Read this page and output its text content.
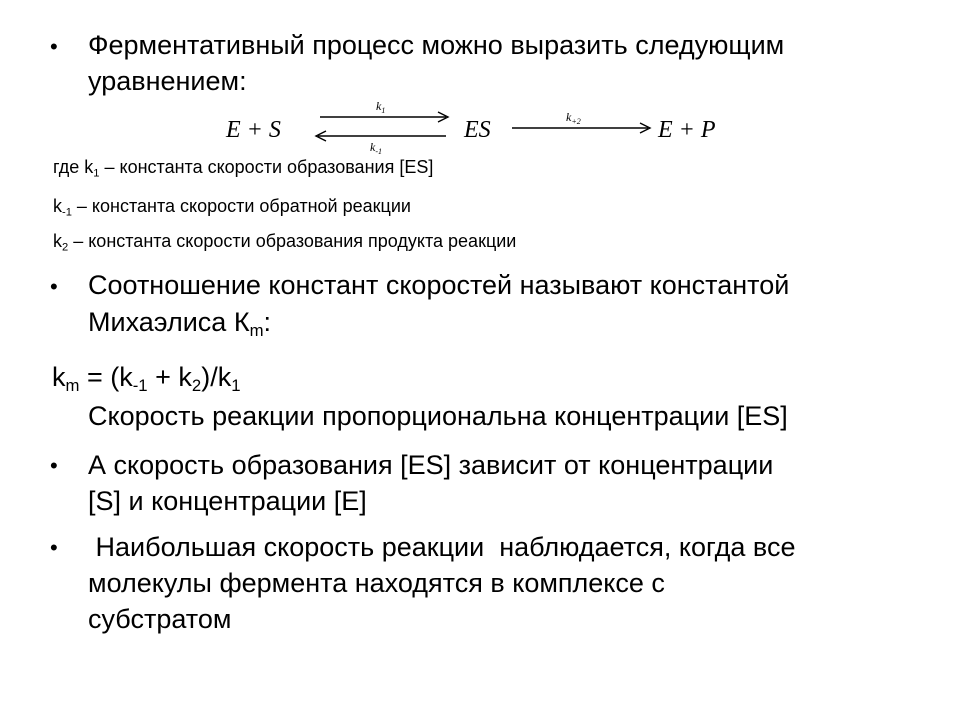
• Ферментативный процесс можно выразить следующим
уравнением:
E + S
$k_1$
$k_{-1}$
ES	$k_{+2}$	E + P
где $k_1$ – константа скорости образования [ES]
$k_{-1}$ – константа скорости обратной реакции
$k_2$ – константа скорости образования продукта реакции
• Соотношение констант скоростей называют константой
Михаэлиса $К_m$:
$k_m = (k_{-1} + k_2)/k_1$
Скорость реакции пропорциональна концентрации [ES]
• А скорость образования [ES] зависит от концентрации
[S] и концентрации [E]
• Наибольшая скорость реакции  наблюдается, когда все
молекулы фермента находятся в комплексе с
субстратом
